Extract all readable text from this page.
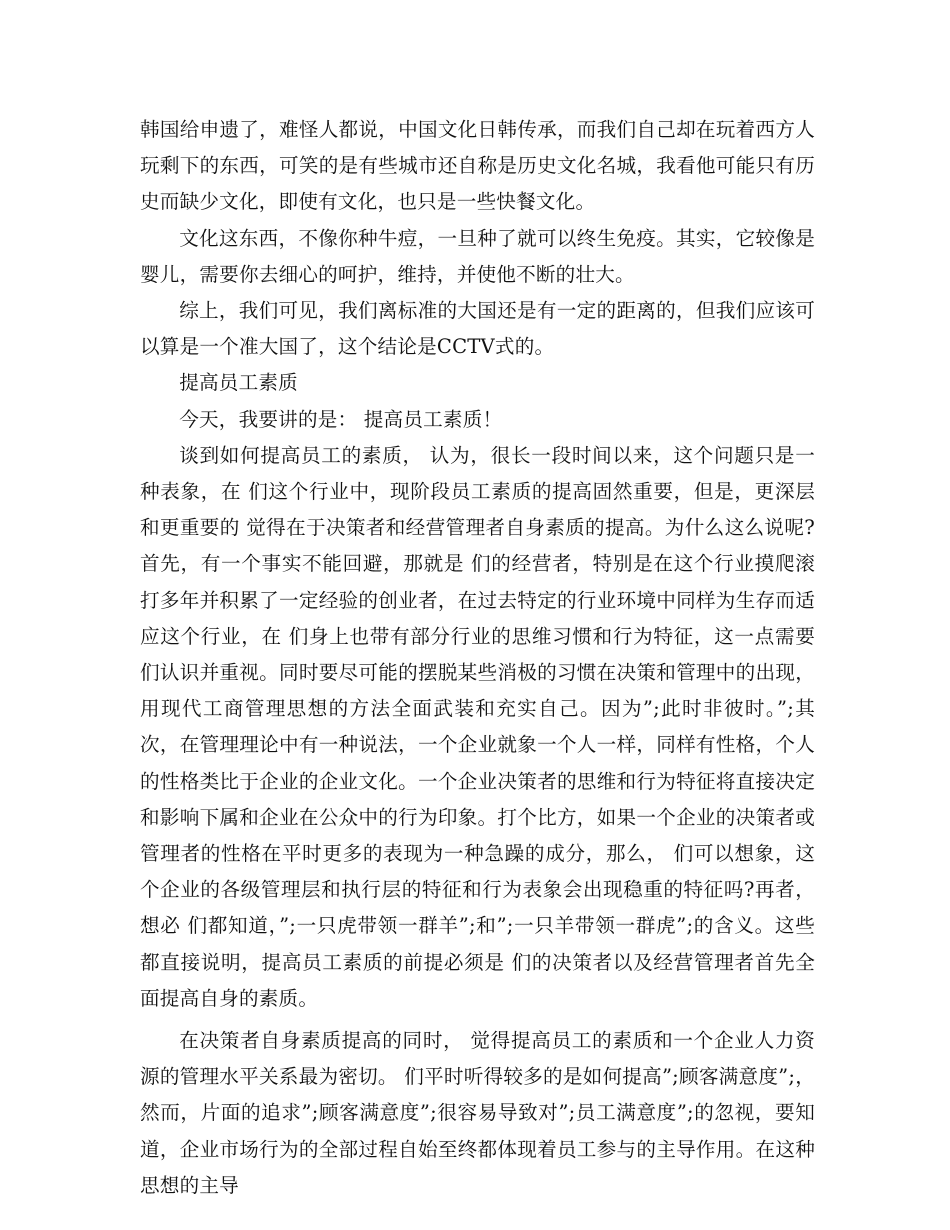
韩国给申遗了，难怪人都说，中国文化日韩传承，而我们自己却在玩着西方人玩剩下的东西，可笑的是有些城市还自称是历史文化名城，我看他可能只有历史而缺少文化，即使有文化，也只是一些快餐文化。

文化这东西，不像你种牛痘，一旦种了就可以终生免疫。其实，它较像是婴儿，需要你去细心的呵护，维持，并使他不断的壮大。

综上，我们可见，我们离标准的大国还是有一定的距离的，但我们应该可以算是一个准大国了，这个结论是CCTV式的。

提高员工素质

今天，我要讲的是： 提高员工素质！

谈到如何提高员工的素质， 认为，很长一段时间以来，这个问题只是一种表象，在 们这个行业中，现阶段员工素质的提高固然重要，但是，更深层和更重要的 觉得在于决策者和经营管理者自身素质的提高。为什么这么说呢?首先，有一个事实不能回避，那就是 们的经营者，特别是在这个行业摸爬滚打多年并积累了一定经验的创业者，在过去特定的行业环境中同样为生存而适应这个行业，在 们身上也带有部分行业的思维习惯和行为特征，这一点需要 们认识并重视。同时要尽可能的摆脱某些消极的习惯在决策和管理中的出现，用现代工商管理思想的方法全面武装和充实自己。因为”;此时非彼时。”;其次，在管理理论中有一种说法，一个企业就象一个人一样，同样有性格，个人的性格类比于企业的企业文化。一个企业决策者的思维和行为特征将直接决定和影响下属和企业在公众中的行为印象。打个比方，如果一个企业的决策者或管理者的性格在平时更多的表现为一种急躁的成分，那么， 们可以想象，这个企业的各级管理层和执行层的特征和行为表象会出现稳重的特征吗?再者，想必 们都知道，”;一只虎带领一群羊”;和”;一只羊带领一群虎”;的含义。这些都直接说明，提高员工素质的前提必须是 们的决策者以及经营管理者首先全面提高自身的素质。

在决策者自身素质提高的同时， 觉得提高员工的素质和一个企业人力资源的管理水平关系最为密切。 们平时听得较多的是如何提高”;顾客满意度”;，然而，片面的追求”;顾客满意度”;很容易导致对”;员工满意度”;的忽视，要知道，企业市场行为的全部过程自始至终都体现着员工参与的主导作用。在这种思想的主导
